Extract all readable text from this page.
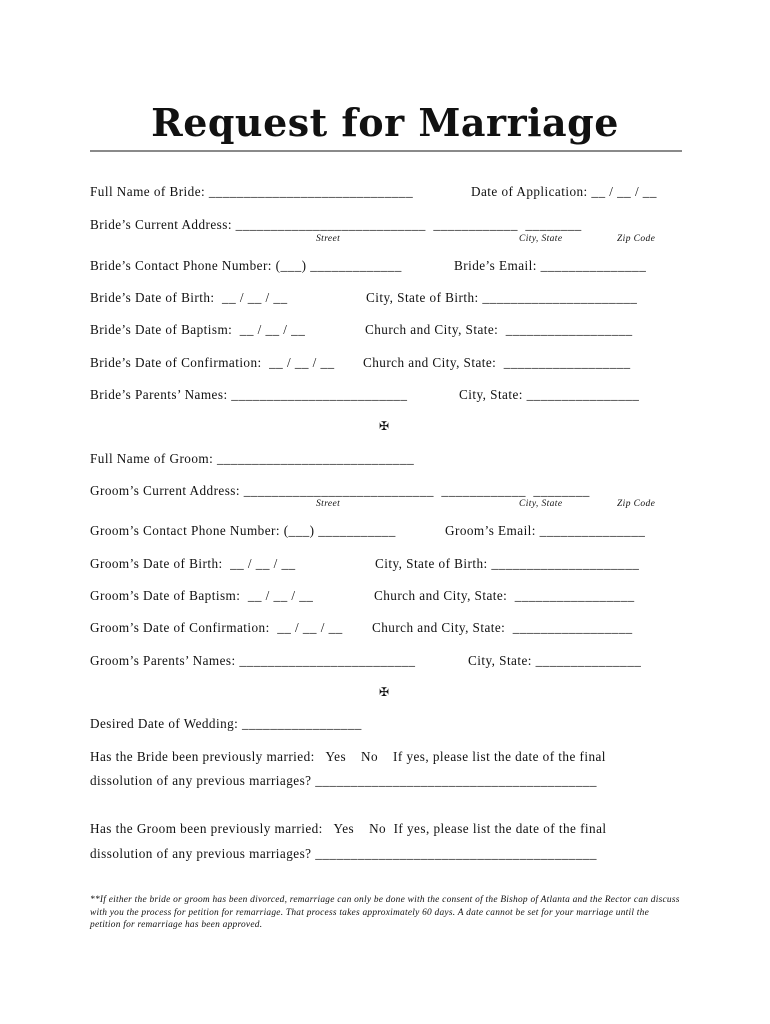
Request for Marriage
Full Name of Bride: _____________________________	Date of Application: __ / __ / __
Bride’s Current Address: ___________________________  ____________  ________
Street	City, State	Zip Code
Bride’s Contact Phone Number: (___) _____________	Bride’s Email: _______________
Bride’s Date of Birth:  __ / __ / __	City, State of Birth: ______________________
Bride’s Date of Baptism:  __ / __ / __	Church and City, State:  __________________
Bride’s Date of Confirmation:  __ / __ / __ Church and City, State:  __________________
Bride’s Parents’ Names: _________________________	City, State: ________________
✠
Full Name of Groom: ____________________________
Groom’s Current Address: ___________________________  ____________  ________
Street	City, State	Zip Code
Groom’s Contact Phone Number: (___) ___________	Groom’s Email: _______________
Groom’s Date of Birth:  __ / __ / __	City, State of Birth: _____________________
Groom’s Date of Baptism:  __ / __ / __	Church and City, State:  _________________
Groom’s Date of Confirmation:  __ / __ / __ Church and City, State:  _________________
Groom’s Parents’ Names: _________________________	City, State: _______________
✠
Desired Date of Wedding: _________________
Has the Bride been previously married:   Yes    No    If yes, please list the date of the final
dissolution of any previous marriages? ________________________________________
Has the Groom been previously married:   Yes    No  If yes, please list the date of the final
dissolution of any previous marriages? ________________________________________
**If either the bride or groom has been divorced, remarriage can only be done with the consent of the Bishop of Atlanta and the Rector can discuss with you the process for petition for remarriage. That process takes approximately 60 days. A date cannot be set for your marriage until the petition for remarriage has been approved.
